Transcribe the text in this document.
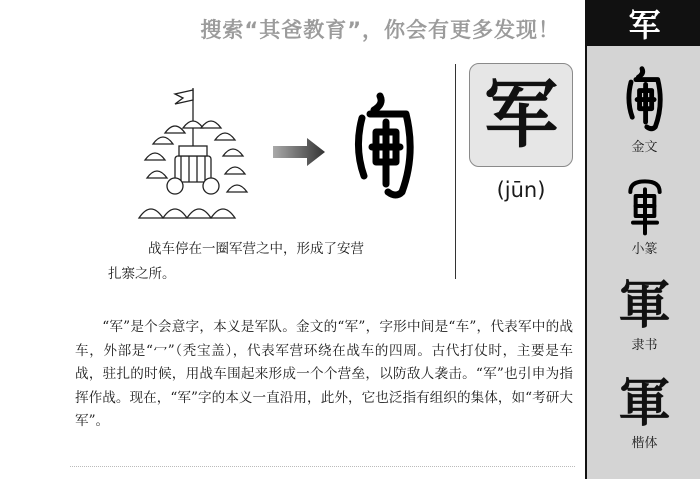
搜索“其爸教育”，你会有更多发现！
战车停在一圈军营之中，形成了安营
扎寨之所。
军
(jūn)

“军”是个会意字，本义是军队。金文的“军”，字形中间是“车”，代表军中的战车，外部是“冖”（秃宝盖），代表军营环绕在战车的四周。古代打仗时，主要是车战，驻扎的时候，用战车围起来形成一个个营垒，以防敌人袭击。“军”也引申为指挥作战。现在，“军”字的本义一直沿用，此外，它也泛指有组织的集体，如“考研大军”。

军
金文
小篆
軍
隶书
軍
楷体
